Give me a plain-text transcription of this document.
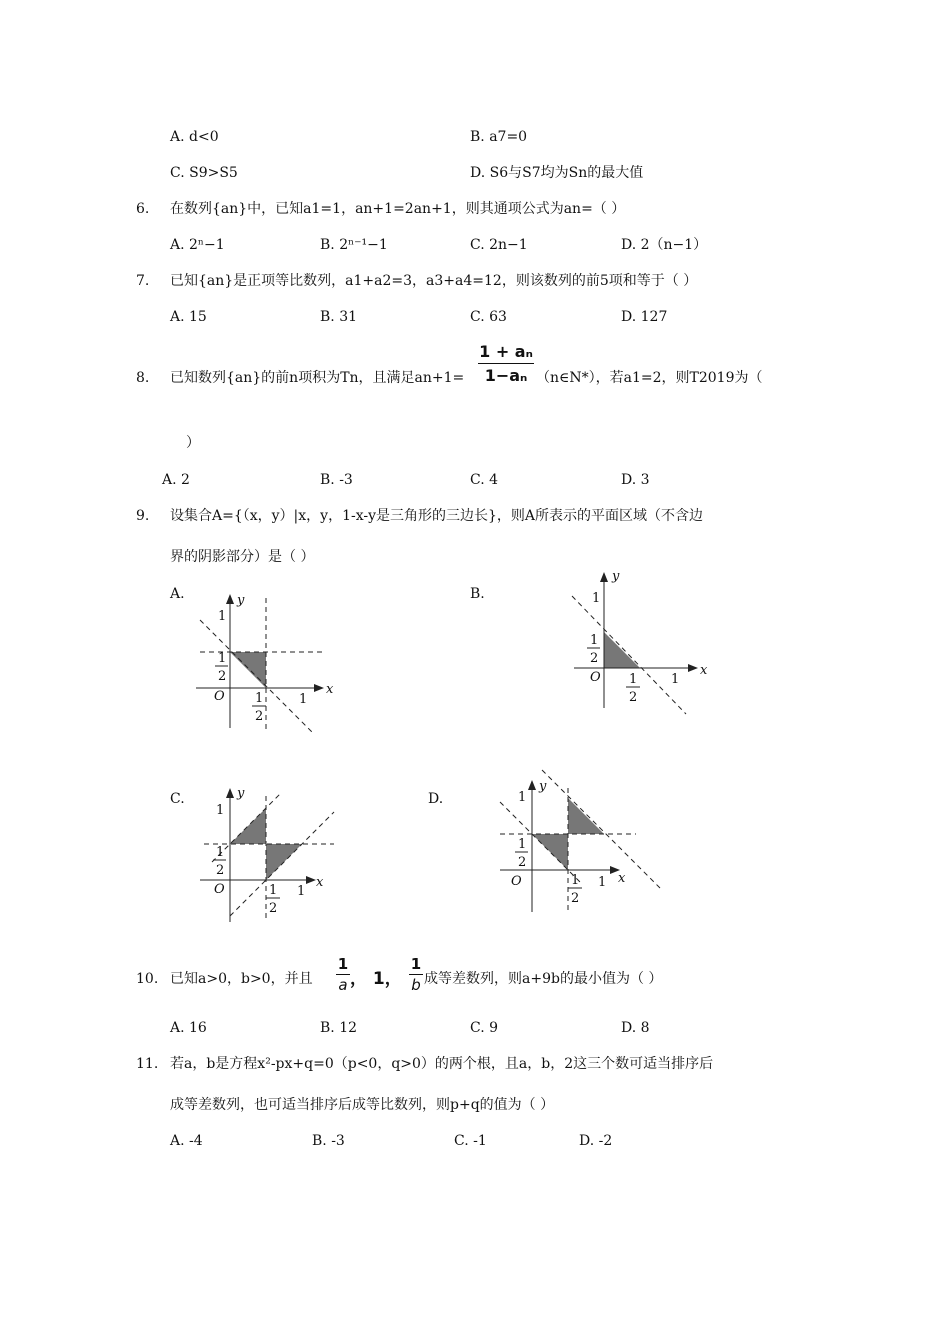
A. d<0	B. a7=0
C. S9>S5	D. S6与S7均为Sn的最大值
6. 在数列{an}中，已知a1=1，an+1=2an+1，则其通项公式为an=（ ）
A. 2ⁿ−1	B. 2ⁿ⁻¹−1	C. 2n−1	D. 2（n−1）
7. 已知{an}是正项等比数列，a1+a2=3，a3+a4=12，则该数列的前5项和等于（ ）
A. 15	B. 31	C. 63	D. 127
8. 已知数列{an}的前n项积为Tn，且满足an+1=
1 + aₙ
1−aₙ （n∈N*），若a1=2，则T2019为（
）
A. 2	B. -3	C. 4	D. 3
9. 设集合A={（x，y）|x，y，1-x-y是三角形的三边长}，则A所表示的平面区域（不含边
界的阴影部分）是（ ）
A.	B.
C.	D.
y
x
O
1
1
2
1
2
1
y
x
O
1
1
2
1
2
1
y
x
O
1
1
2
1
2
1
y
x
O
1
1
2
1
2
1
10. 已知a>0，b>0，并且
1
a ， 1，
1
b 成等差数列，则a+9b的最小值为（ ）
A. 16	B. 12	C. 9	D. 8
11. 若a，b是方程x²-px+q=0（p<0，q>0）的两个根，且a，b，2这三个数可适当排序后
成等差数列，也可适当排序后成等比数列，则p+q的值为（ ）
A. -4	B. -3	C. -1	D. -2
